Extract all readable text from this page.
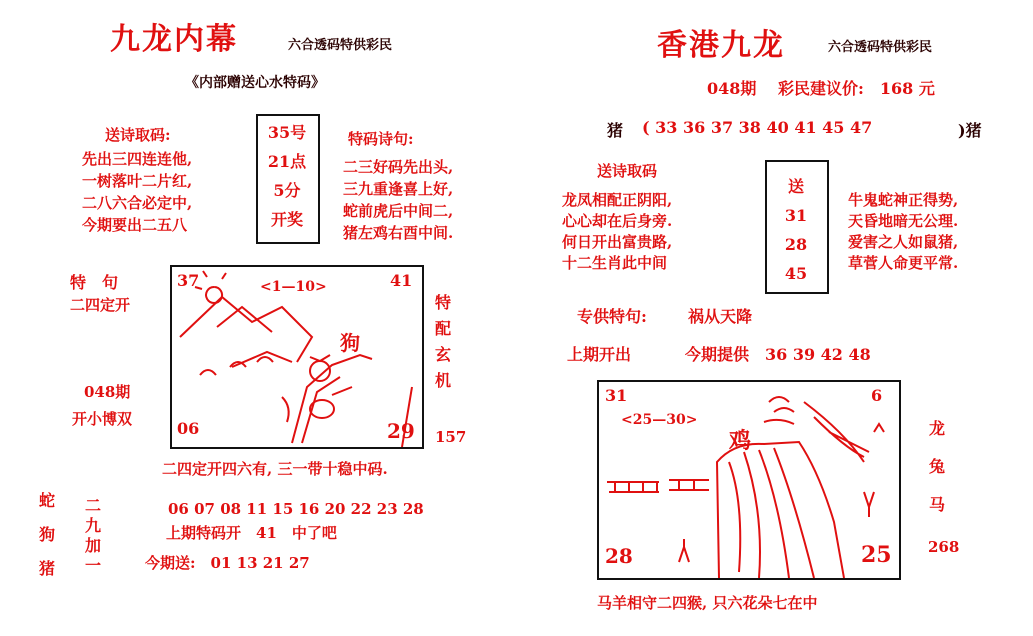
九龙内幕	六合透码特供彩民
《内部赠送心水特码》
送诗取码:
先出三四连连他,
一树落叶二片红,
二八六合必定中,
今期要出二五八
35号
21点
5分
开奖
特码诗句:
二三好码先出头,
三九重逢喜上好,
蛇前虎后中间二,
猪左鸡右酉中间.
特　句
二四定开
048期
开小博双
37	41
06	29
<1—10>
狗
特
配
玄
机
157
二四定开四六有, 三一带十稳中码.
蛇
狗
猪
二
九
加
一
06 07 08 11 15 16 20 22 23 28
上期特码开　41　中了吧
今期送:　01 13 21 27
香港九龙	六合透码特供彩民
048期 彩民建议价:　168 元
猪 ( 33 36 37 38 40 41 45 47	)猪
送诗取码
龙凤相配正阴阳,
心心却在后身旁.
何日开出富贵路,
十二生肖此中间
送
31
28
45
牛鬼蛇神正得势,
天昏地暗无公理.
爱害之人如鼠猪,
草菅人命更平常.
专供特句:	祸从天降
上期开出	今期提供　36 39 42 48
31	6
28	25
<25—30>
鸡	龙
兔
马
268
马羊相守二四猴, 只六花朵七在中
